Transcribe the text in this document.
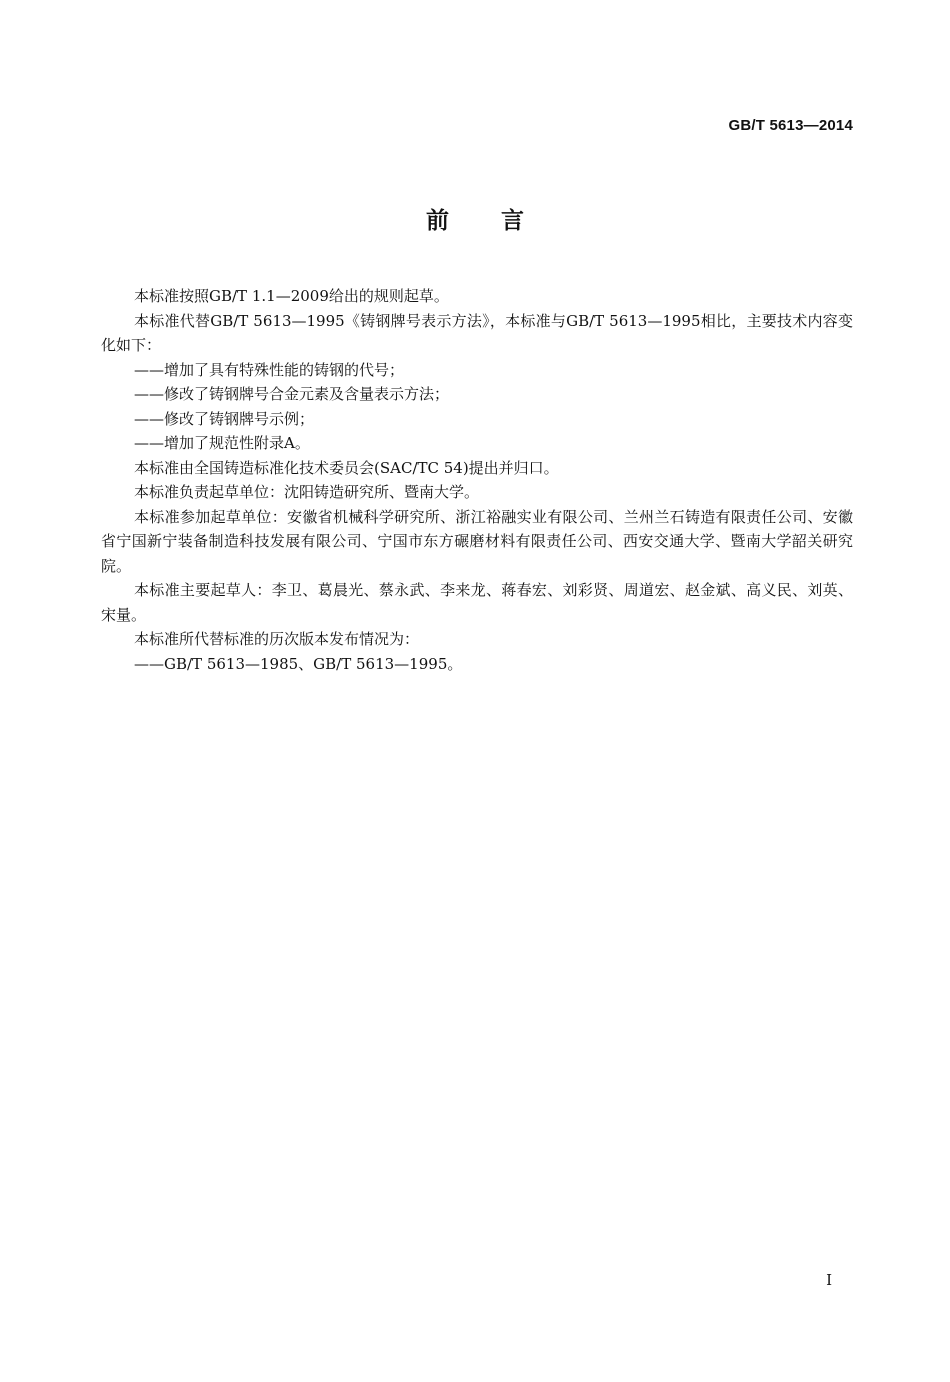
GB/T 5613—2014
前言

本标准按照GB/T 1.1—2009给出的规则起草。

本标准代替GB/T 5613—1995《铸钢牌号表示方法》，本标准与GB/T 5613—1995相比，主要技术内容变化如下：

——增加了具有特殊性能的铸钢的代号；

——修改了铸钢牌号合金元素及含量表示方法；

——修改了铸钢牌号示例；

——增加了规范性附录A。

本标准由全国铸造标准化技术委员会(SAC/TC 54)提出并归口。

本标准负责起草单位：沈阳铸造研究所、暨南大学。

本标准参加起草单位：安徽省机械科学研究所、浙江裕融实业有限公司、兰州兰石铸造有限责任公司、安徽省宁国新宁装备制造科技发展有限公司、宁国市东方碾磨材料有限责任公司、西安交通大学、暨南大学韶关研究院。

本标准主要起草人：李卫、葛晨光、蔡永武、李来龙、蒋春宏、刘彩贤、周道宏、赵金斌、高义民、刘英、宋量。

本标准所代替标准的历次版本发布情况为：

——GB/T 5613—1985、GB/T 5613—1995。

I
